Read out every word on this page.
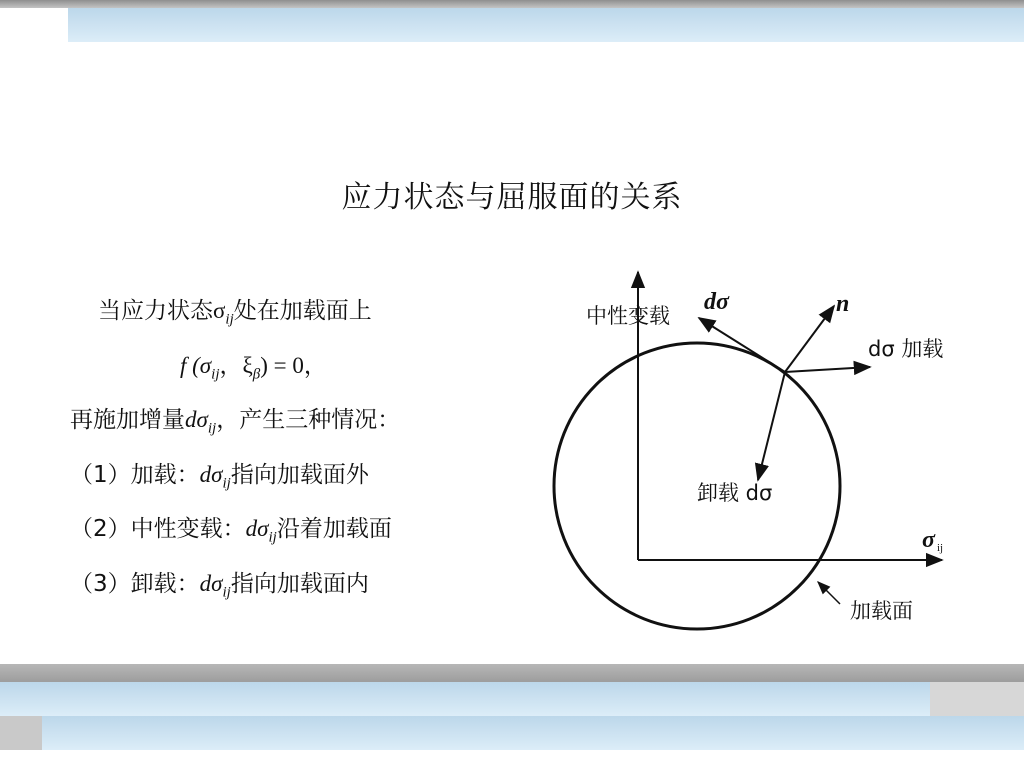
应力状态与屈服面的关系
当应力状态$\sigma_{ij}$处在加载面上
f ($\sigma_{ij}$，$\xi_\beta) = 0$，
再施加增量$d\sigma_{ij}$，产生三种情况：
（1）加载：$d\sigma_{ij}$指向加载面外
（2）中性变载：$d\sigma_{ij}$沿着加载面
（3）卸载：$d\sigma_{ij}$指向加载面内
中性变载
dσ	n
dσ 加载
卸载 dσ
σ ij
加载面
